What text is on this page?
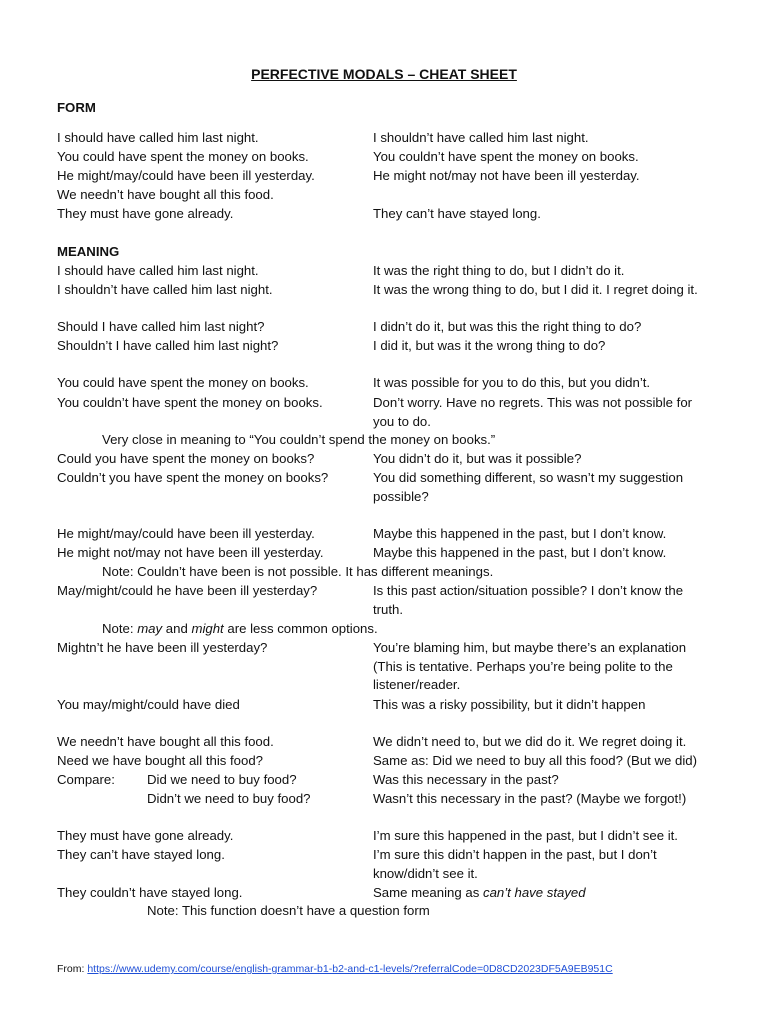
PERFECTIVE MODALS – CHEAT SHEET
FORM
I should have called him last night.	I shouldn’t have called him last night.
You could have spent the money on books.	You couldn’t have spent the money on books.
He might/may/could have been ill yesterday.	He might not/may not have been ill yesterday.
We needn’t have bought all this food.
They must have gone already.	They can’t have stayed long.
MEANING
I should have called him last night.	It was the right thing to do, but I didn’t do it.
I shouldn’t have called him last night.	It was the wrong thing to do, but I did it. I regret doing it.
Should I have called him last night?	I didn’t do it, but was this the right thing to do?
Shouldn’t I have called him last night?	I did it, but was it the wrong thing to do?
You could have spent the money on books.	It was possible for you to do this, but you didn’t.
You couldn’t have spent the money on books.	Don’t worry. Have no regrets. This was not possible for you to do.
Very close in meaning to “You couldn’t spend the money on books.”
Could you have spent the money on books?	You didn’t do it, but was it possible?
Couldn’t you have spent the money on books?	You did something different, so wasn’t my suggestion possible?
He might/may/could have been ill yesterday.	Maybe this happened in the past, but I don’t know.
He might not/may not have been ill yesterday.	Maybe this happened in the past, but I don’t know.
Note: Couldn’t have been is not possible. It has different meanings.
May/might/could he have been ill yesterday?	Is this past action/situation possible? I don’t know the truth.
Note: may and might are less common options.
Mightn’t he have been ill yesterday?	You’re blaming him, but maybe there’s an explanation (This is tentative. Perhaps you’re being polite to the listener/reader.
You may/might/could have died	This was a risky possibility, but it didn’t happen
We needn’t have bought all this food.	We didn’t need to, but we did do it. We regret doing it.
Need we have bought all this food?	Same as: Did we need to buy all this food? (But we did)
Compare: Did we need to buy food?	Was this necessary in the past?
Didn’t we need to buy food?	Wasn’t this necessary in the past? (Maybe we forgot!)
They must have gone already.	I’m sure this happened in the past, but I didn’t see it.
They can’t have stayed long.	I’m sure this didn’t happen in the past, but I don’t know/didn’t see it.
They couldn’t have stayed long.	Same meaning as can’t have stayed
Note: This function doesn’t have a question form
From: https://www.udemy.com/course/english-grammar-b1-b2-and-c1-levels/?referralCode=0D8CD2023DF5A9EB951C
